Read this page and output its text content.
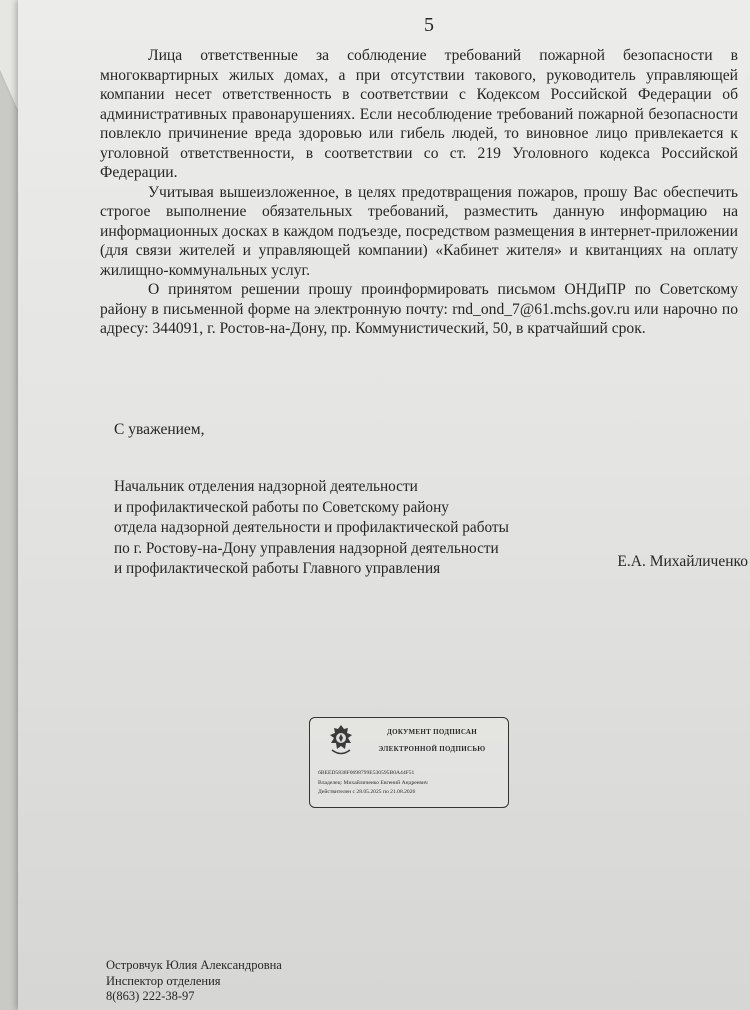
5

Лица ответственные за соблюдение требований пожарной безопасности в многоквартирных жилых домах, а при отсутствии такового, руководитель управляющей компании несет ответственность в соответствии с Кодексом Российской Федерации об административных правонарушениях. Если несоблюдение требований пожарной безопасности повлекло причинение вреда здоровью или гибель людей, то виновное лицо привлекается к уголовной ответственности, в соответствии со ст. 219 Уголовного кодекса Российской Федерации.

Учитывая вышеизложенное, в целях предотвращения пожаров, прошу Вас обеспечить строгое выполнение обязательных требований, разместить данную информацию на информационных досках в каждом подъезде, посредством размещения в интернет-приложении (для связи жителей и управляющей компании) «Кабинет жителя» и квитанциях на оплату жилищно-коммунальных услуг.

О принятом решении прошу проинформировать письмом ОНДиПР по Советскому району в письменной форме на электронную почту: rnd_ond_7@61.mchs.gov.ru или нарочно по адресу: 344091, г. Ростов-на-Дону, пр. Коммунистический, 50, в кратчайший срок.

С уважением,
Начальник отделения надзорной деятельности
и профилактической работы по Советскому району
отдела надзорной деятельности и профилактической работы
по г. Ростову-на-Дону управления надзорной деятельности
и профилактической работы Главного управления	Е.А. Михайличенко
ДОКУМЕНТ ПОДПИСАН
ЭЛЕКТРОННОЙ ПОДПИСЬЮ
6BEED5838F0698799E530595B0A44F51
Владелец: Михайличенко Евгений Андреевич
Действителен с 28.05.2025 по 21.08.2026
Островчук Юлия Александровна
Инспектор отделения
8(863) 222-38-97
